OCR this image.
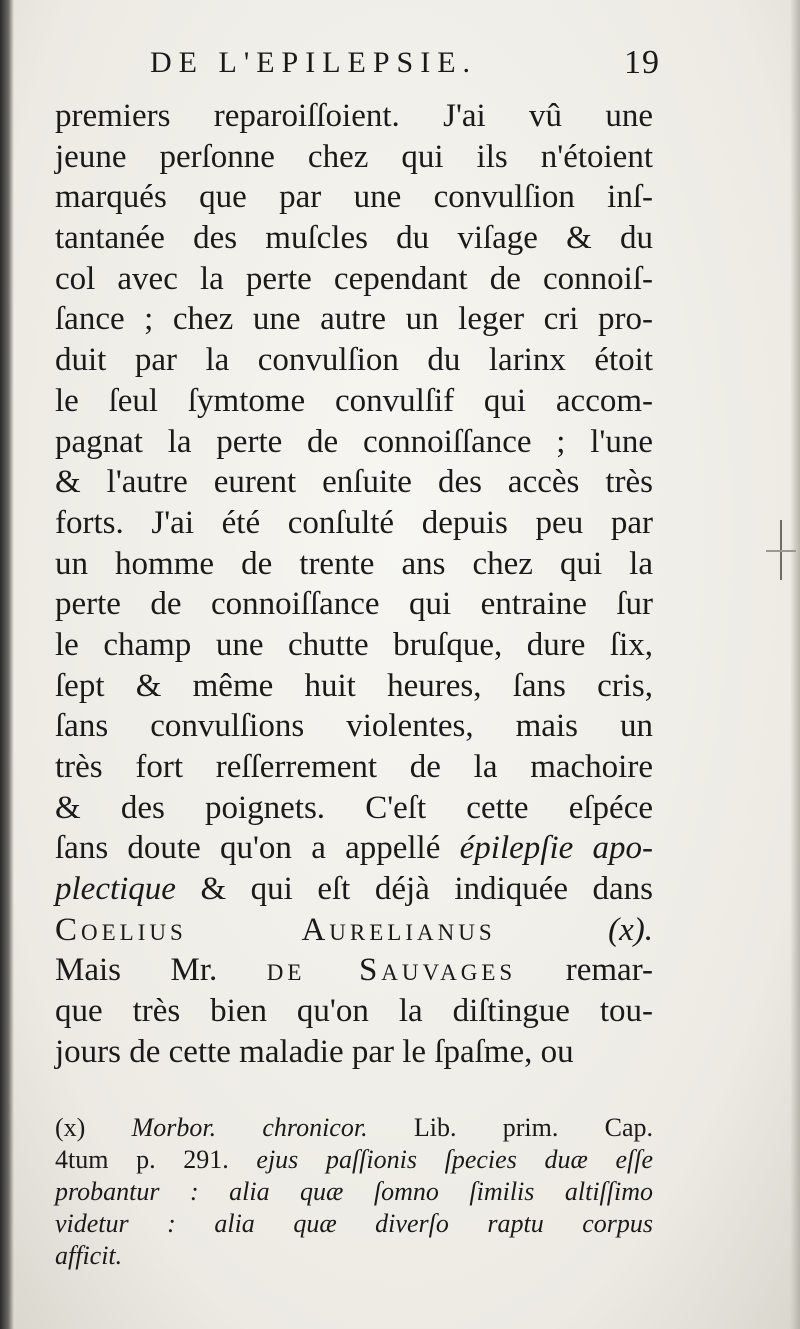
DE L'EPILEPSIE.	19
premiers reparoiſſoient. J'ai vû une
jeune perſonne chez qui ils n'étoient
marqués que par une convulſion inſ-
tantanée des muſcles du viſage & du
col avec la perte cependant de connoiſ-
ſance ; chez une autre un leger cri pro-
duit par la convulſion du larinx étoit
le ſeul ſymtome convulſif qui accom-
pagnat la perte de connoiſſance ; l'une
& l'autre eurent enſuite des accès très
forts. J'ai été conſulté depuis peu par
un homme de trente ans chez qui la
perte de connoiſſance qui entraine ſur
le champ une chutte bruſque, dure ſix,
ſept & même huit heures, ſans cris,
ſans convulſions violentes, mais un
très fort reſſerrement de la machoire
& des poignets. C'eſt cette eſpéce
ſans doute qu'on a appellé épilepſie apo-
plectique & qui eſt déjà indiquée dans
Coelius Aurelianus	(x).
Mais Mr. de Sauvages remar-
que très bien qu'on la diſtingue tou-
jours de cette maladie par le ſpaſme, ou
(x) Morbor. chronicor. Lib. prim. Cap.
4tum p. 291. ejus paſſionis ſpecies duæ eſſe
probantur : alia quæ ſomno ſimilis altiſſimo
videtur : alia quæ diverſo raptu corpus
afficit.
